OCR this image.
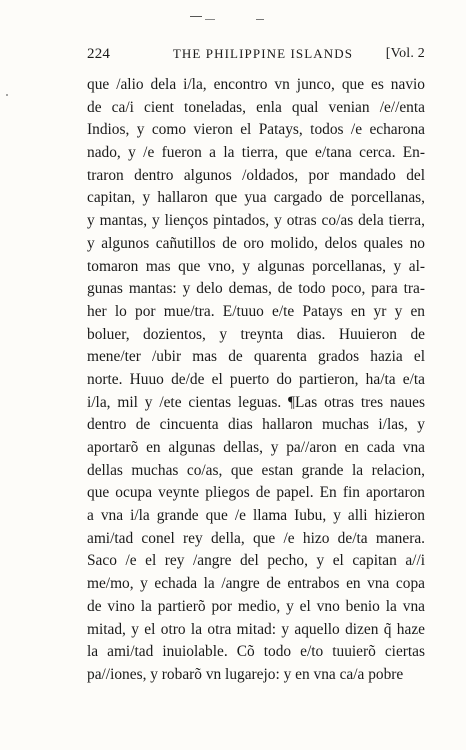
224	THE PHILIPPINE ISLANDS	[Vol. 2
que /alio dela i/la, encontro vn junco, que es navio
de ca/i cient toneladas, enla qual venian /e//enta
Indios, y como vieron el Patays, todos /e echarona
nado, y /e fueron a la tierra, que e/tana cerca. En-
traron dentro algunos /oldados, por mandado del
capitan, y hallaron que yua cargado de porcellanas,
y mantas, y lienços pintados, y otras co/as dela tierra,
y algunos cañutillos de oro molido, delos quales no
tomaron mas que vno, y algunas porcellanas, y al-
gunas mantas: y delo demas, de todo poco, para tra-
her lo por mue/tra. E/tuuo e/te Patays en yr y en
boluer, dozientos, y treynta dias. Huuieron de
mene/ter /ubir mas de quarenta grados hazia el
norte. Huuo de/de el puerto do partieron, ha/ta e/ta
i/la, mil y /ete cientas leguas. ¶Las otras tres naues
dentro de cincuenta dias hallaron muchas i/las, y
aportarõ en algunas dellas, y pa//aron en cada vna
dellas muchas co/as, que estan grande la relacion,
que ocupa veynte pliegos de papel. En fin aportaron
a vna i/la grande que /e llama Iubu, y alli hizieron
ami/tad conel rey della, que /e hizo de/ta manera.
Saco /e el rey /angre del pecho, y el capitan a//i
me/mo, y echada la /angre de entrabos en vna copa
de vino la partierõ por medio, y el vno benio la vna
mitad, y el otro la otra mitad: y aquello dizen q̃ haze
la ami/tad inuiolable. Cõ todo e/to tuuierõ ciertas
pa//iones, y robarõ vn lugarejo: y en vna ca/a pobre
